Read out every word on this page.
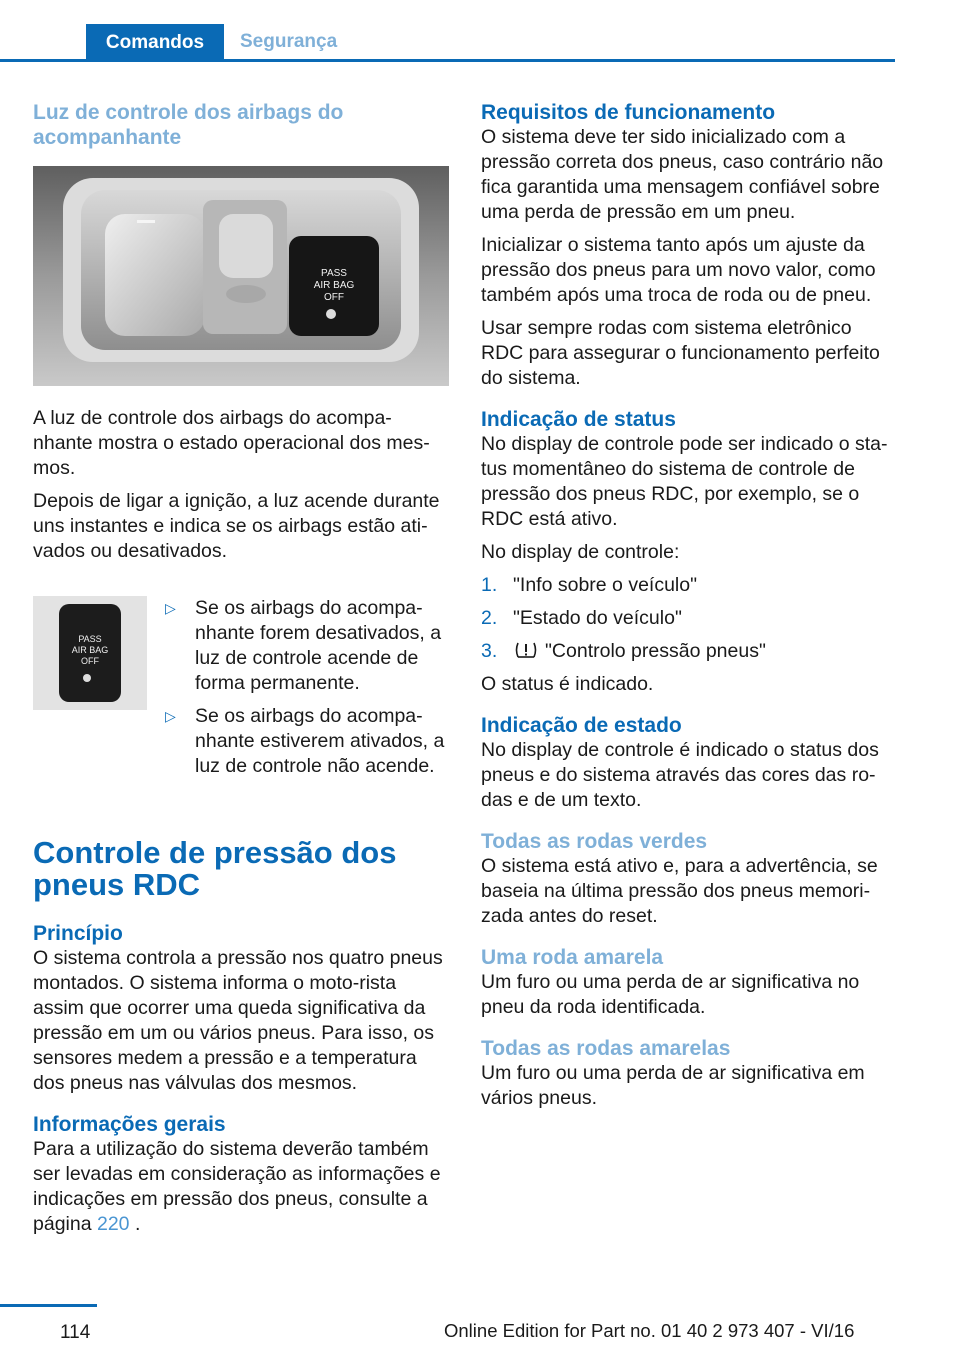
Comandos	Segurança
Luz de controle dos airbags do acompanhante
PASS
AIR BAG
OFF
A luz de controle dos airbags do acompa‐nhante mostra o estado operacional dos mes‐mos.
Depois de ligar a ignição, a luz acende durante uns instantes e indica se os airbags estão ati‐vados ou desativados.
PASS
AIR BAG
OFF
▷ Se os airbags do acompa‐nhante forem desativados, a luz de controle acende de forma permanente.
▷ Se os airbags do acompa‐nhante estiverem ativados, a luz de controle não acende.
Controle de pressão dos pneus RDC
Princípio
O sistema controla a pressão nos quatro pneus montados. O sistema informa o moto‐rista assim que ocorrer uma queda significativa da pressão em um ou vários pneus. Para isso, os sensores medem a pressão e a temperatura dos pneus nas válvulas dos mesmos.
Informações gerais
Para a utilização do sistema deverão também ser levadas em consideração as informações e indicações em pressão dos pneus, consulte a página 220 .
Requisitos de funcionamento
O sistema deve ter sido inicializado com a pressão correta dos pneus, caso contrário não fica garantida uma mensagem confiável sobre uma perda de pressão em um pneu.
Inicializar o sistema tanto após um ajuste da pressão dos pneus para um novo valor, como também após uma troca de roda ou de pneu.
Usar sempre rodas com sistema eletrônico RDC para assegurar o funcionamento perfeito do sistema.
Indicação de status
No display de controle pode ser indicado o sta‐tus momentâneo do sistema de controle de pressão dos pneus RDC, por exemplo, se o RDC está ativo.
No display de controle:
1. "Info sobre o veículo"
2. "Estado do veículo"
3.	"Controlo pressão pneus"
O status é indicado.
Indicação de estado
No display de controle é indicado o status dos pneus e do sistema através das cores das ro‐das e de um texto.
Todas as rodas verdes
O sistema está ativo e, para a advertência, se baseia na última pressão dos pneus memori‐zada antes do reset.
Uma roda amarela
Um furo ou uma perda de ar significativa no pneu da roda identificada.
Todas as rodas amarelas
Um furo ou uma perda de ar significativa em vários pneus.
114	Online Edition for Part no. 01 40 2 973 407 - VI/16
